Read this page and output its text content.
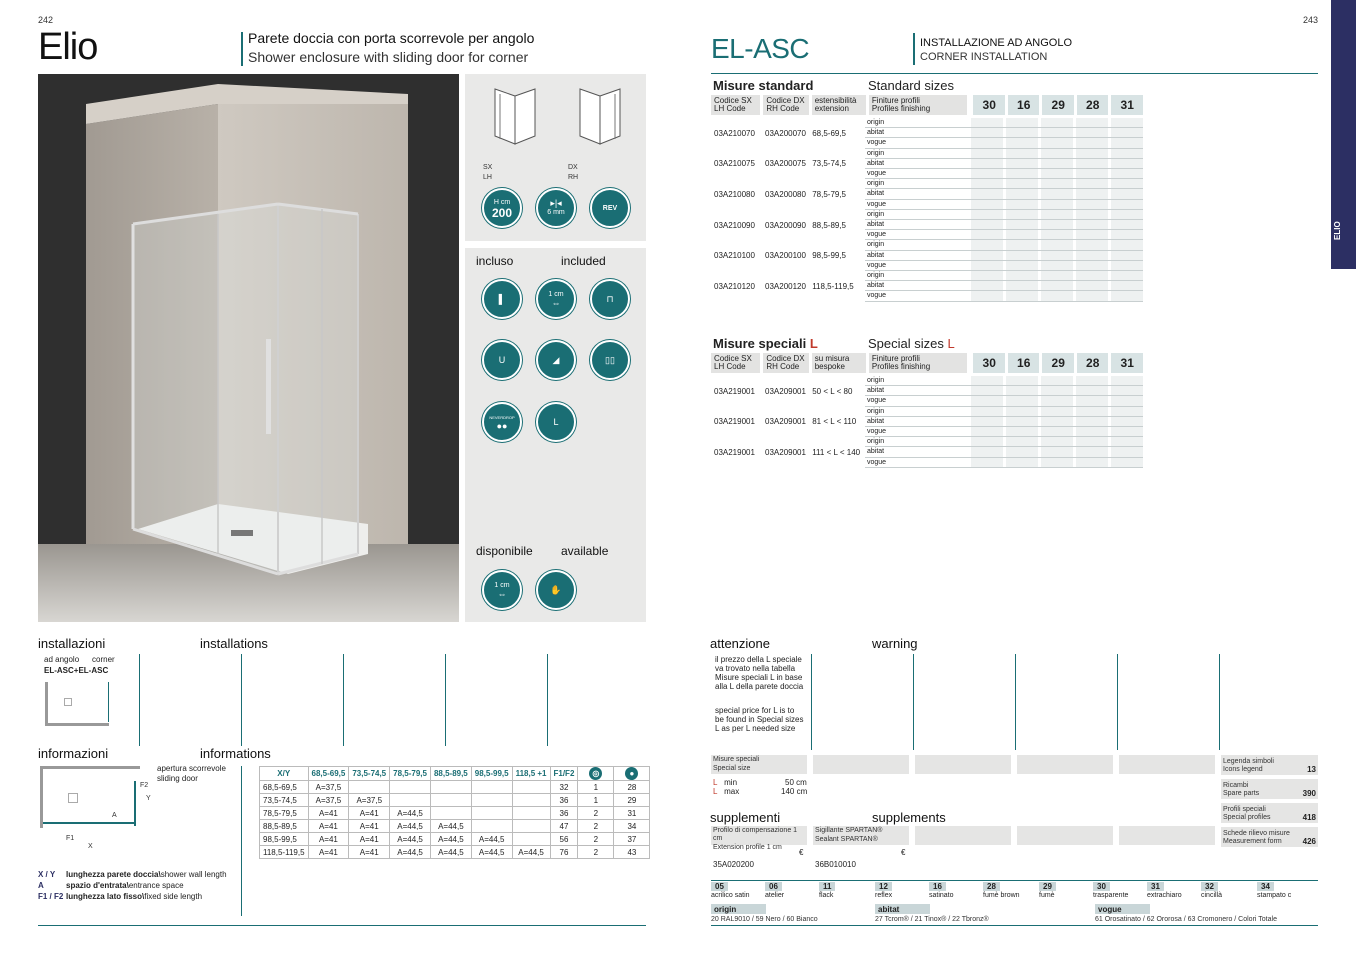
242
Elio	Parete doccia con porta scorrevole per angolo
Shower enclosure with sliding door for corner
SX
LH
DX
RH
H cm
200
▸|◂
6 mm
REV
incluso	included
▌	1 cm
⇔	⊓
U	◢	▯▯
NEVERDROP
●●	L
disponibile available
1 cm
⇔	✋
installazioni	installations
ad angolo corner
EL-ASC+EL-ASC
informazioni	informations
apertura scorrevole
sliding door
F2
Y
A
F1
X
X / Y	lunghezza parete doccia\ shower wall length
A	spazio d'entrata\ entrance space
F1 / F2 lunghezza lato fisso\ fixed side length
X/Y	68,5-69,5	73,5-74,5	78,5-79,5	88,5-89,5	98,5-99,5	118,5 +1	F1/F2	◎	●
68,5-69,5	A=37,5						32	1	28
73,5-74,5	A=37,5	A=37,5					36	1	29
78,5-79,5	A=41	A=41	A=44,5				36	2	31
88,5-89,5	A=41	A=41	A=44,5	A=44,5			47	2	34
98,5-99,5	A=41	A=41	A=44,5	A=44,5	A=44,5		56	2	37
118,5-119,5	A=41	A=41	A=44,5	A=44,5	A=44,5	A=44,5	76	2	43
243
ELIO
EL-ASC	INSTALLAZIONE AD ANGOLO
CORNER INSTALLATION
Misure standard	Standard sizes
Codice SX
LH Code
Codice DX
RH Code
estensibilità
extension
Finiture profili
Profiles finishing	30	16	29	28	31
03A210070	03A200070 68,5-69,5
origin
abitat
vogue
03A210075	03A200075 73,5-74,5
origin
abitat
vogue
03A210080	03A200080 78,5-79,5
origin
abitat
vogue
03A210090	03A200090 88,5-89,5
origin
abitat
vogue
03A210100	03A200100 98,5-99,5
origin
abitat
vogue
03A210120	03A200120 118,5-119,5
origin
abitat
vogue
Misure speciali L	Special sizes L
Codice SX
LH Code
Codice DX
RH Code
su misura
bespoke
Finiture profili
Profiles finishing	30	16	29	28	31
03A219001	03A209001 50 < L < 80
origin
abitat
vogue
03A219001	03A209001 81 < L < 110
origin
abitat
vogue
03A219001	03A209001 111 < L < 140
origin
abitat
vogue
attenzione	warning
il prezzo della L speciale va trovato nella tabella Misure speciali L in base alla L della parete doccia
special price for L is to be found in Special sizes L as per L needed size
Misure speciali
Special size
L min	50 cm
L max	140 cm
Legenda simboli
Icons legend	13
Ricambi
Spare parts	390
Profili speciali
Special profiles	418
Schede rilievo misure
Measurement form	426
supplementi	supplements
Profilo di compensazione 1 cm
Extension profile 1 cm
Sigillante SPARTAN®
Sealant SPARTAN®
€	€
35A020200	36B010010
05
acrilico satin
06
atelier
11
flack
12
reflex
16
satinato
28
fumè brown
29
fumè
30
trasparente
31
extrachiaro
32
cincillà
34
stampato c
origin
20 RAL9010 / 59 Nero / 60 Bianco
abitat
27 Tcrom® / 21 Tinox® / 22 Tbronz®
vogue
61 Orosatinato / 62 Ororosa / 63 Cromonero / Colori Totale
